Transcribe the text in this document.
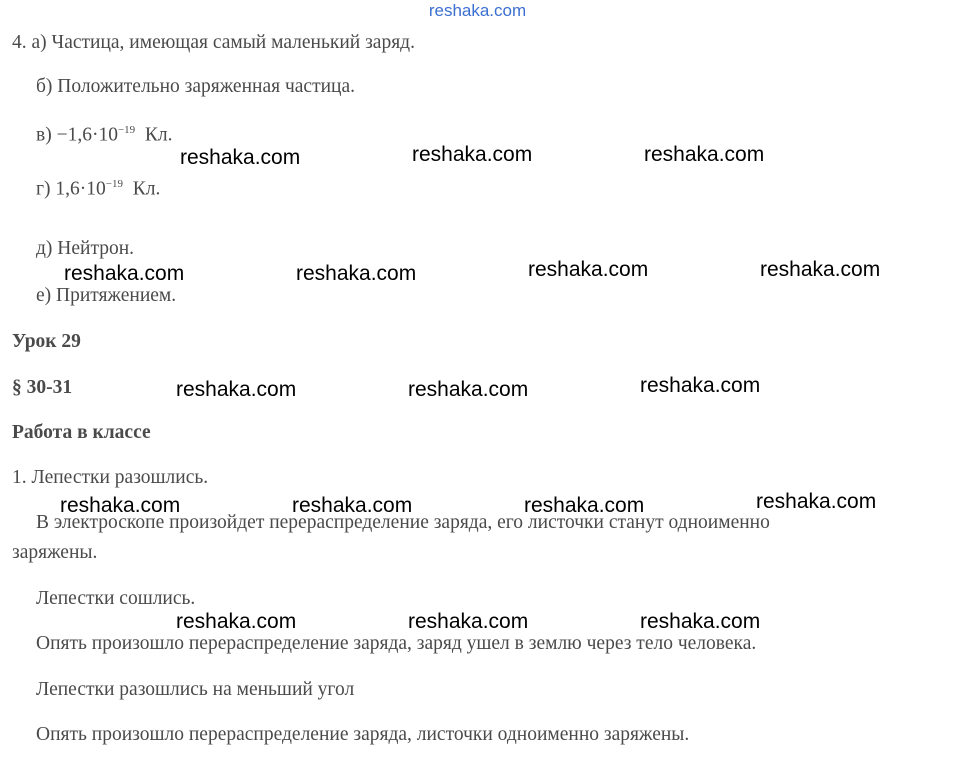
reshaka.com
4. а) Частица, имеющая самый маленький заряд.
б) Положительно заряженная частица.
$в) -1,6\cdot 10^{-19}$ Кл.
г) $1,6\cdot 10^{-19}$ Кл.
д) Нейтрон.
е) Притяжением.
Урок 29
§ 30-31
Работа в классе
1. Лепестки разошлись.
В электроскопе произойдет перераспределение заряда, его листочки станут одноименно
заряжены.
Лепестки сошлись.
Опять произошло перераспределение заряда, заряд ушел в землю через тело человека.
Лепестки разошлись на меньший угол
Опять произошло перераспределение заряда, листочки одноименно заряжены.
reshaka.com	reshaka.com	reshaka.com
reshaka.com	reshaka.com	reshaka.com	reshaka.com
reshaka.com	reshaka.com	reshaka.com
reshaka.com	reshaka.com	reshaka.com	reshaka.com
reshaka.com	reshaka.com	reshaka.com
